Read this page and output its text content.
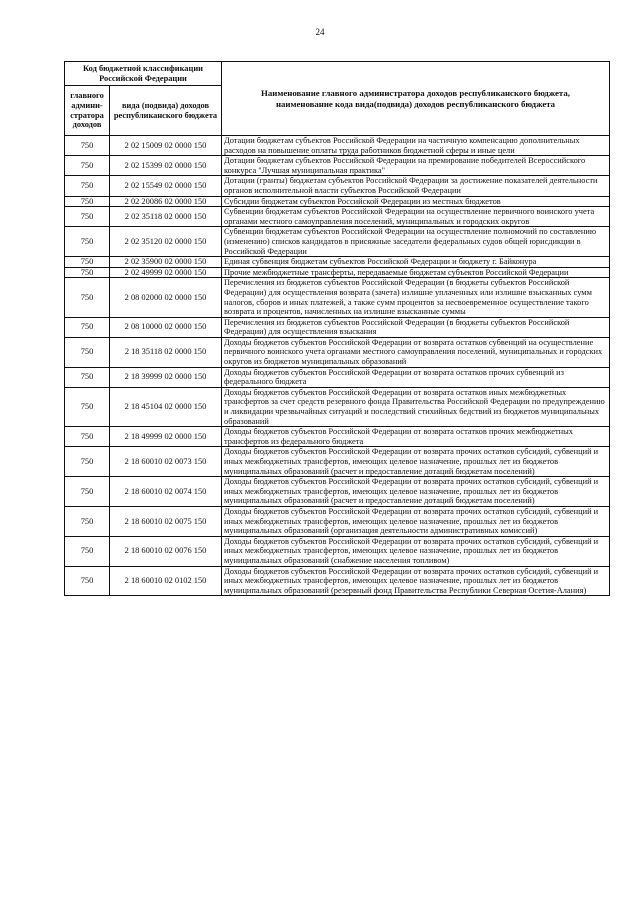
24
Код бюджетной классификации Российской Федерации		Наименование главного администратора доходов республиканского бюджета, наименование кода вида(подвида) доходов республиканского бюджета
главного админи-стратора доходов	вида (подвида) доходов республиканского бюджета	
750	2 02 15009 02 0000 150	Дотации бюджетам субъектов Российской Федерации на частичную компенсацию дополнительных расходов на повышение оплаты труда работников бюджетной сферы и иные цели
750	2 02 15399 02 0000 150	Дотации бюджетам субъектов Российской Федерации на премирование победителей Всероссийского конкурса "Лучшая муниципальная практика"
750	2 02 15549 02 0000 150	Дотации (гранты) бюджетам субъектов Российской Федерации за достижение показателей деятельности органов исполнительной власти субъектов Российской Федерации
750	2 02 20086 02 0000 150	Субсидии бюджетам субъектов Российской Федерации из местных бюджетов
750	2 02 35118 02 0000 150	Субвенции бюджетам субъектов Российской Федерации на осуществление первичного воинского учета органами местного самоуправления поселений, муниципальных и городских округов
750	2 02 35120 02 0000 150	Субвенции бюджетам субъектов Российской Федерации на осуществление полномочий по составлению (изменению) списков кандидатов в присяжные заседатели федеральных судов общей юрисдикции в Российской Федерации
750	2 02 35900 02 0000 150	Единая субвенция бюджетам субъектов Российской Федерации и бюджету г. Байконура
750	2 02 49999 02 0000 150	Прочие межбюджетные трансферты, передаваемые бюджетам субъектов Российской Федерации
750	2 08 02000 02 0000 150	Перечисления из бюджетов субъектов Российской Федерации (в бюджеты субъектов Российской Федерации) для осуществления возврата (зачета) излишне уплаченных или излишне взысканных сумм налогов, сборов и иных платежей, а также сумм процентов за несвоевременное осуществление такого возврата и процентов, начисленных на излишне взысканные суммы
750	2 08 10000 02 0000 150	Перечисления из бюджетов субъектов Российской Федерации (в бюджеты субъектов Российской Федерации) для осуществления взыскания
750	2 18 35118 02 0000 150	Доходы бюджетов субъектов Российской Федерации от возврата остатков субвенций на осуществление первичного воинского учета органами местного самоуправления поселений, муниципальных и городских округов из бюджетов муниципальных образований
750	2 18 39999 02 0000 150	Доходы бюджетов субъектов Российской Федерации от возврата остатков прочих субвенций из федерального бюджета
750	2 18 45104 02 0000 150	Доходы бюджетов субъектов Российской Федерации от возврата остатков иных межбюджетных трансфертов за счет средств резервного фонда Правительства Российской Федерации по предупреждению и ликвидации чрезвычайных ситуаций и последствий стихийных бедствий из бюджетов муниципальных образований
750	2 18 49999 02 0000 150	Доходы бюджетов субъектов Российской Федерации от возврата остатков прочих межбюджетных трансфертов из федерального бюджета
750	2 18 60010 02 0073 150	Доходы бюджетов субъектов Российской Федерации от возврата прочих остатков субсидий, субвенций и иных межбюджетных трансфертов, имеющих целевое назначение, прошлых лет из бюджетов муниципальных образований (расчет и предоставление дотаций бюджетам поселений)
750	2 18 60010 02 0074 150	Доходы бюджетов субъектов Российской Федерации от возврата прочих остатков субсидий, субвенций и иных межбюджетных трансфертов, имеющих целевое назначение, прошлых лет из бюджетов муниципальных образований (расчет и предоставление дотаций бюджетам поселений)
750	2 18 60010 02 0075 150	Доходы бюджетов субъектов Российской Федерации от возврата прочих остатков субсидий, субвенций и иных межбюджетных трансфертов, имеющих целевое назначение, прошлых лет из бюджетов муниципальных образований (организация деятельности административных комиссий)
750	2 18 60010 02 0076 150	Доходы бюджетов субъектов Российской Федерации от возврата прочих остатков субсидий, субвенций и иных межбюджетных трансфертов, имеющих целевое назначение, прошлых лет из бюджетов муниципальных образований (снабжение населения топливом)
750	2 18 60010 02 0102 150	Доходы бюджетов субъектов Российской Федерации от возврата прочих остатков субсидий, субвенций и иных межбюджетных трансфертов, имеющих целевое назначение, прошлых лет из бюджетов муниципальных образований (резервный фонд Правительства Республики Северная Осетия-Алания)
